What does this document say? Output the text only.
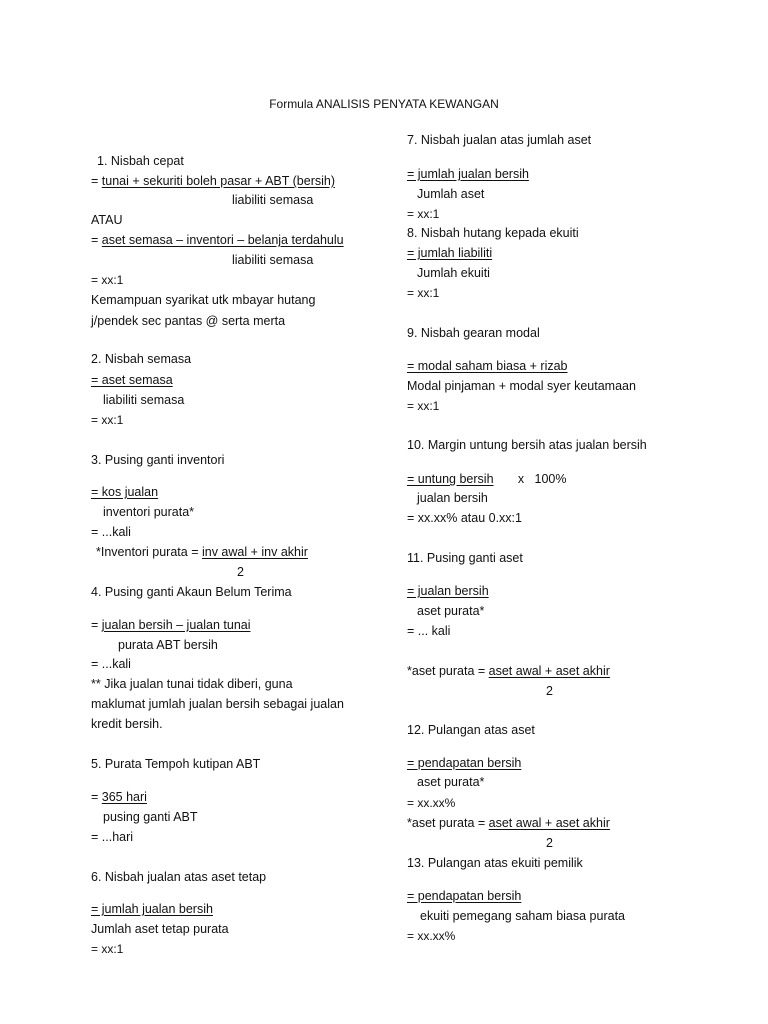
Formula ANALISIS PENYATA KEWANGAN
1. Nisbah cepat
= tunai + sekuriti boleh pasar + ABT (bersih)
liabiliti semasa
ATAU
= aset semasa – inventori – belanja terdahulu
liabiliti semasa
= xx:1
Kemampuan syarikat utk mbayar hutang
j/pendek sec pantas @ serta merta
2. Nisbah semasa
= aset semasa
liabiliti semasa
= xx:1
3. Pusing ganti inventori
= kos jualan
inventori purata*
= ...kali
*Inventori purata = inv awal + inv akhir
2
4. Pusing ganti Akaun Belum Terima
= jualan bersih – jualan tunai
purata ABT bersih
= ...kali
** Jika jualan tunai tidak diberi, guna
maklumat jumlah jualan bersih sebagai jualan
kredit bersih.
5. Purata Tempoh kutipan ABT
= 365 hari
pusing ganti ABT
= ...hari
6. Nisbah jualan atas aset tetap
= jumlah jualan bersih
Jumlah aset tetap purata
= xx:1
7. Nisbah jualan atas jumlah aset
= jumlah jualan bersih
Jumlah aset
= xx:1
8. Nisbah hutang kepada ekuiti
= jumlah liabiliti
Jumlah ekuiti
= xx:1
9. Nisbah gearan modal
= modal saham biasa + rizab
Modal pinjaman + modal syer keutamaan
= xx:1
10. Margin untung bersih atas jualan bersih
= untung bersih       x   100%
jualan bersih
= xx.xx% atau 0.xx:1
11. Pusing ganti aset
= jualan bersih
aset purata*
= ... kali
*aset purata = aset awal + aset akhir
2
12. Pulangan atas aset
= pendapatan bersih
aset purata*
= xx.xx%
*aset purata = aset awal + aset akhir
2
13. Pulangan atas ekuiti pemilik
= pendapatan bersih
ekuiti pemegang saham biasa purata
= xx.xx%
